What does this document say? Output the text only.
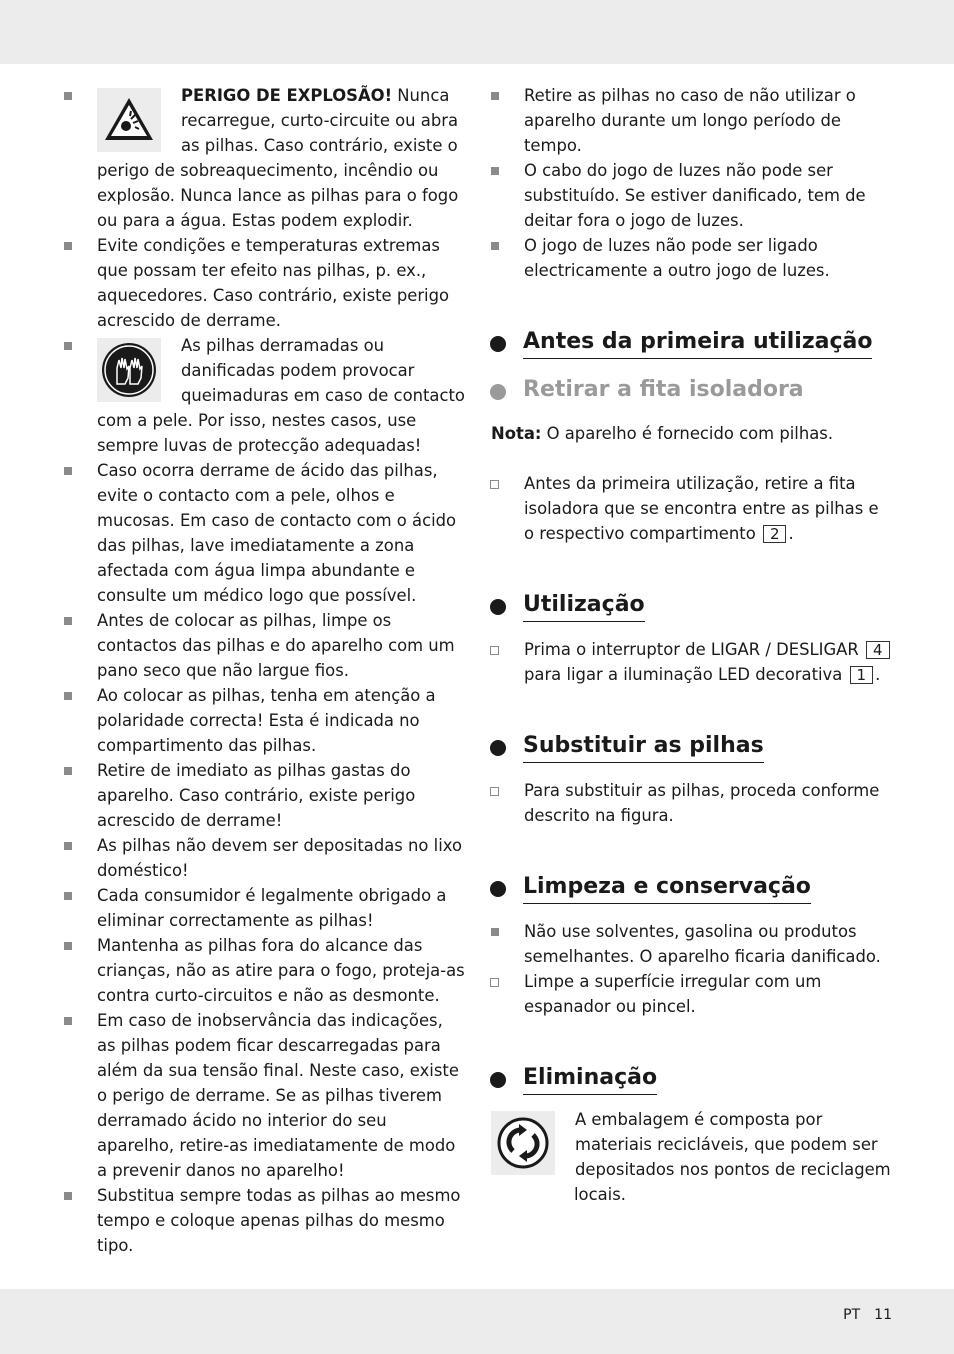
PERIGO DE EXPLOSÃO! Nunca recarregue, curto-circuite ou abra as pilhas. Caso contrário, existe o perigo de sobreaquecimento, incêndio ou explosão. Nunca lance as pilhas para o fogo ou para a água. Estas podem explodir.
Evite condições e temperaturas extremas que possam ter efeito nas pilhas, p. ex., aquecedores. Caso contrário, existe perigo acrescido de derrame.
As pilhas derramadas ou danificadas podem provocar queimaduras em caso de contacto com a pele. Por isso, nestes casos, use sempre luvas de protecção adequadas!
Caso ocorra derrame de ácido das pilhas, evite o contacto com a pele, olhos e mucosas. Em caso de contacto com o ácido das pilhas, lave imediatamente a zona afectada com água limpa abundante e consulte um médico logo que possível.
Antes de colocar as pilhas, limpe os contactos das pilhas e do aparelho com um pano seco que não largue fios.
Ao colocar as pilhas, tenha em atenção a polaridade correcta! Esta é indicada no compartimento das pilhas.
Retire de imediato as pilhas gastas do aparelho. Caso contrário, existe perigo acrescido de derrame!
As pilhas não devem ser depositadas no lixo doméstico!
Cada consumidor é legalmente obrigado a eliminar correctamente as pilhas!
Mantenha as pilhas fora do alcance das crianças, não as atire para o fogo, proteja-as contra curto-circuitos e não as desmonte.
Em caso de inobservância das indicações, as pilhas podem ficar descarregadas para além da sua tensão final. Neste caso, existe o perigo de derrame. Se as pilhas tiverem derramado ácido no interior do seu aparelho, retire-as imediatamente de modo a prevenir danos no aparelho!
Substitua sempre todas as pilhas ao mesmo tempo e coloque apenas pilhas do mesmo tipo.
Retire as pilhas no caso de não utilizar o aparelho durante um longo período de tempo.
O cabo do jogo de luzes não pode ser substituído. Se estiver danificado, tem de deitar fora o jogo de luzes.
O jogo de luzes não pode ser ligado electricamente a outro jogo de luzes.
Antes da primeira utilização
Retirar a fita isoladora
Nota: O aparelho é fornecido com pilhas.
Antes da primeira utilização, retire a fita isoladora que se encontra entre as pilhas e o respectivo compartimento 2 .
Utilização
Prima o interruptor de LIGAR / DESLIGAR 4 para ligar a iluminação LED decorativa 1 .
Substituir as pilhas
Para substituir as pilhas, proceda conforme descrito na figura.
Limpeza e conservação
Não use solventes, gasolina ou produtos semelhantes. O aparelho ficaria danificado.
Limpe a superfície irregular com um espanador ou pincel.
Eliminação
A embalagem é composta por materiais recicláveis, que podem ser depositados nos pontos de reciclagem locais.
PT 11
